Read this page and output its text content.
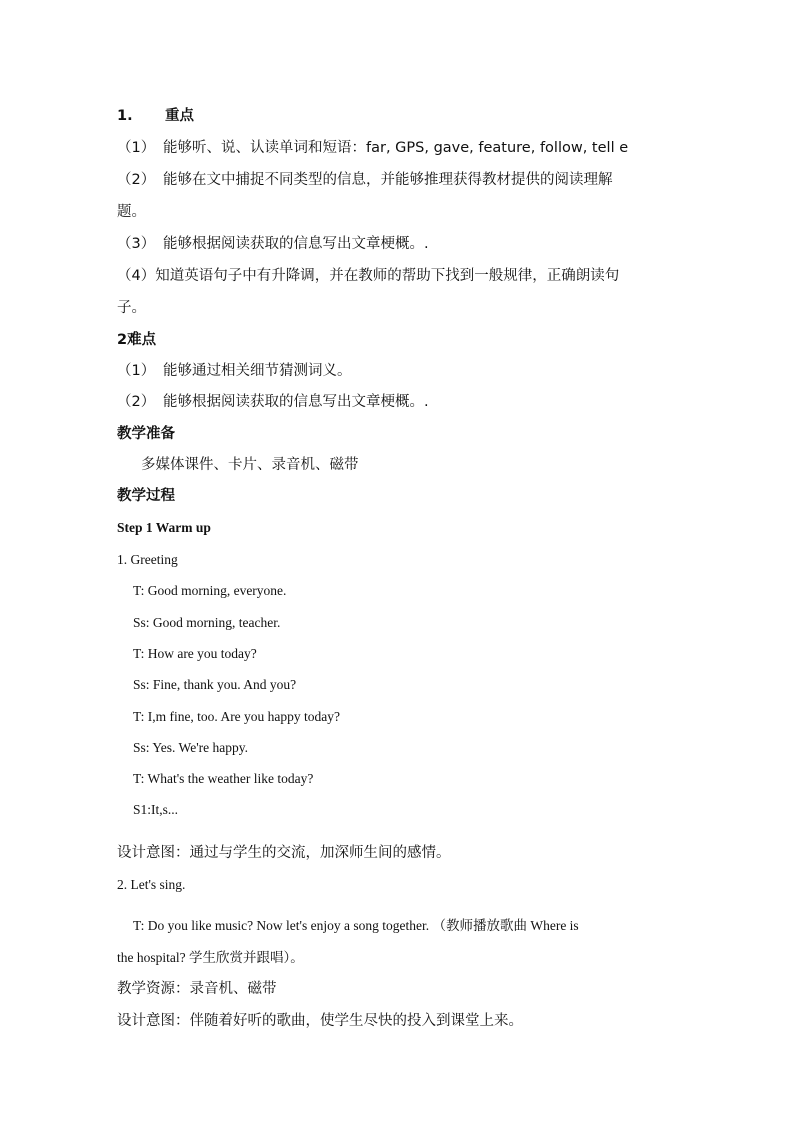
1. 重点
（1） 能够听、说、认读单词和短语：far, GPS, gave, feature, follow, tell e
（2） 能够在文中捕捉不同类型的信息，并能够推理获得教材提供的阅读理解
题。
（3） 能够根据阅读获取的信息写出文章梗概。.
（4）知道英语句子中有升降调，并在教师的帮助下找到一般规律，正确朗读句
子。
2难点
（1） 能够通过相关细节猜测词义。
（2） 能够根据阅读获取的信息写出文章梗概。.
教学准备
多媒体课件、卡片、录音机、磁带
教学过程
Step 1 Warm up
1. Greeting
T: Good morning, everyone.
Ss: Good morning, teacher.
T: How are you today?
Ss: Fine, thank you. And you?
T: I,m fine, too. Are you happy today?
Ss: Yes. We're happy.
T: What's the weather like today?
S1:It,s...
设计意图：通过与学生的交流，加深师生间的感情。
2. Let's sing.
T: Do you like music? Now let's enjoy a song together. （教师播放歌曲 Where is
the hospital? 学生欣赏并跟唱）。
教学资源：录音机、磁带
设计意图：伴随着好听的歌曲，使学生尽快的投入到课堂上来。
